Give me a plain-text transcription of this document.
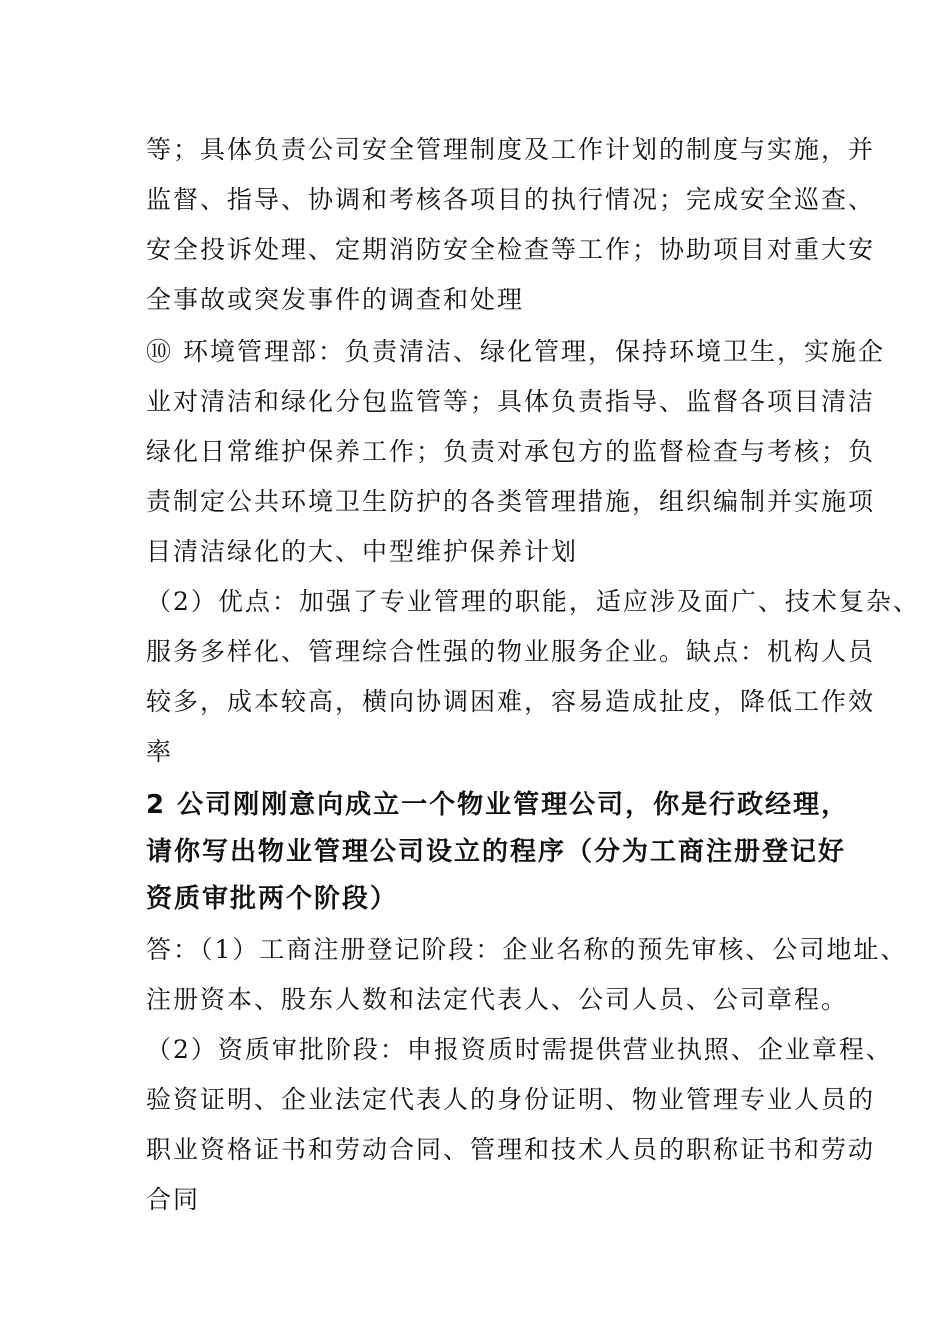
等；具体负责公司安全管理制度及工作计划的制度与实施，并
监督、指导、协调和考核各项目的执行情况；完成安全巡查、
安全投诉处理、定期消防安全检查等工作；协助项目对重大安
全事故或突发事件的调查和处理
⑩ 环境管理部：负责清洁、绿化管理，保持环境卫生，实施企
业对清洁和绿化分包监管等；具体负责指导、监督各项目清洁
绿化日常维护保养工作；负责对承包方的监督检查与考核；负
责制定公共环境卫生防护的各类管理措施，组织编制并实施项
目清洁绿化的大、中型维护保养计划
（2）优点：加强了专业管理的职能，适应涉及面广、技术复杂、
服务多样化、管理综合性强的物业服务企业。缺点：机构人员
较多，成本较高，横向协调困难，容易造成扯皮，降低工作效
率
2 公司刚刚意向成立一个物业管理公司，你是行政经理，
请你写出物业管理公司设立的程序（分为工商注册登记好
资质审批两个阶段）
答：（1）工商注册登记阶段：企业名称的预先审核、公司地址、
注册资本、股东人数和法定代表人、公司人员、公司章程。
（2）资质审批阶段：申报资质时需提供营业执照、企业章程、
验资证明、企业法定代表人的身份证明、物业管理专业人员的
职业资格证书和劳动合同、管理和技术人员的职称证书和劳动
合同
